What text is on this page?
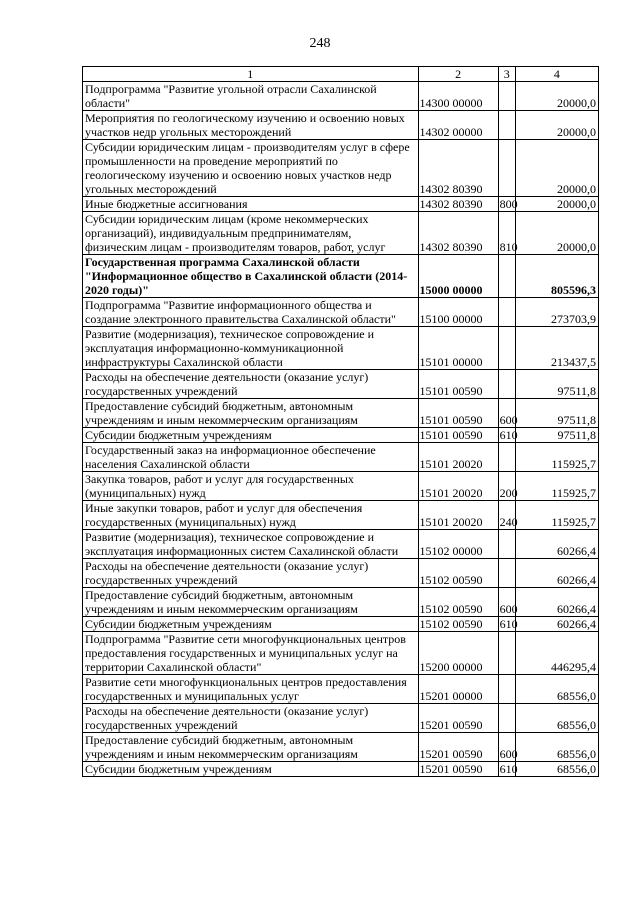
248
1	2	3	4
Подпрограмма "Развитие угольной отрасли Сахалинской области"	14300 00000		20000,0
Мероприятия по геологическому изучению и освоению новых участков недр угольных месторождений	14302 00000		20000,0
Субсидии юридическим лицам - производителям услуг в сфере промышленности на проведение мероприятий по геологическому изучению и освоению новых участков недр угольных месторождений	14302 80390		20000,0
Иные бюджетные ассигнования	14302 80390	800	20000,0
Субсидии юридическим лицам (кроме некоммерческих организаций), индивидуальным предпринимателям, физическим лицам - производителям товаров, работ, услуг	14302 80390	810	20000,0
Государственная программа Сахалинской области "Информационное общество в Сахалинской области (2014-2020 годы)"	15000 00000		805596,3
Подпрограмма "Развитие информационного общества и создание электронного правительства Сахалинской области"	15100 00000		273703,9
Развитие (модернизация), техническое сопровождение и эксплуатация информационно-коммуникационной инфраструктуры Сахалинской области	15101 00000		213437,5
Расходы на обеспечение деятельности (оказание услуг) государственных учреждений	15101 00590		97511,8
Предоставление субсидий бюджетным, автономным учреждениям и иным некоммерческим организациям	15101 00590	600	97511,8
Субсидии бюджетным учреждениям	15101 00590	610	97511,8
Государственный заказ на информационное обеспечение населения Сахалинской области	15101 20020		115925,7
Закупка товаров, работ и услуг для государственных (муниципальных) нужд	15101 20020	200	115925,7
Иные закупки товаров, работ и услуг для обеспечения государственных (муниципальных) нужд	15101 20020	240	115925,7
Развитие (модернизация), техническое сопровождение и эксплуатация информационных систем Сахалинской области	15102 00000		60266,4
Расходы на обеспечение деятельности (оказание услуг) государственных учреждений	15102 00590		60266,4
Предоставление субсидий бюджетным, автономным учреждениям и иным некоммерческим организациям	15102 00590	600	60266,4
Субсидии бюджетным учреждениям	15102 00590	610	60266,4
Подпрограмма "Развитие сети многофункциональных центров предоставления государственных и муниципальных услуг на территории Сахалинской области"	15200 00000		446295,4
Развитие сети многофункциональных центров предоставления государственных и муниципальных услуг	15201 00000		68556,0
Расходы на обеспечение деятельности (оказание услуг) государственных учреждений	15201 00590		68556,0
Предоставление субсидий бюджетным, автономным учреждениям и иным некоммерческим организациям	15201 00590	600	68556,0
Субсидии бюджетным учреждениям	15201 00590	610	68556,0
